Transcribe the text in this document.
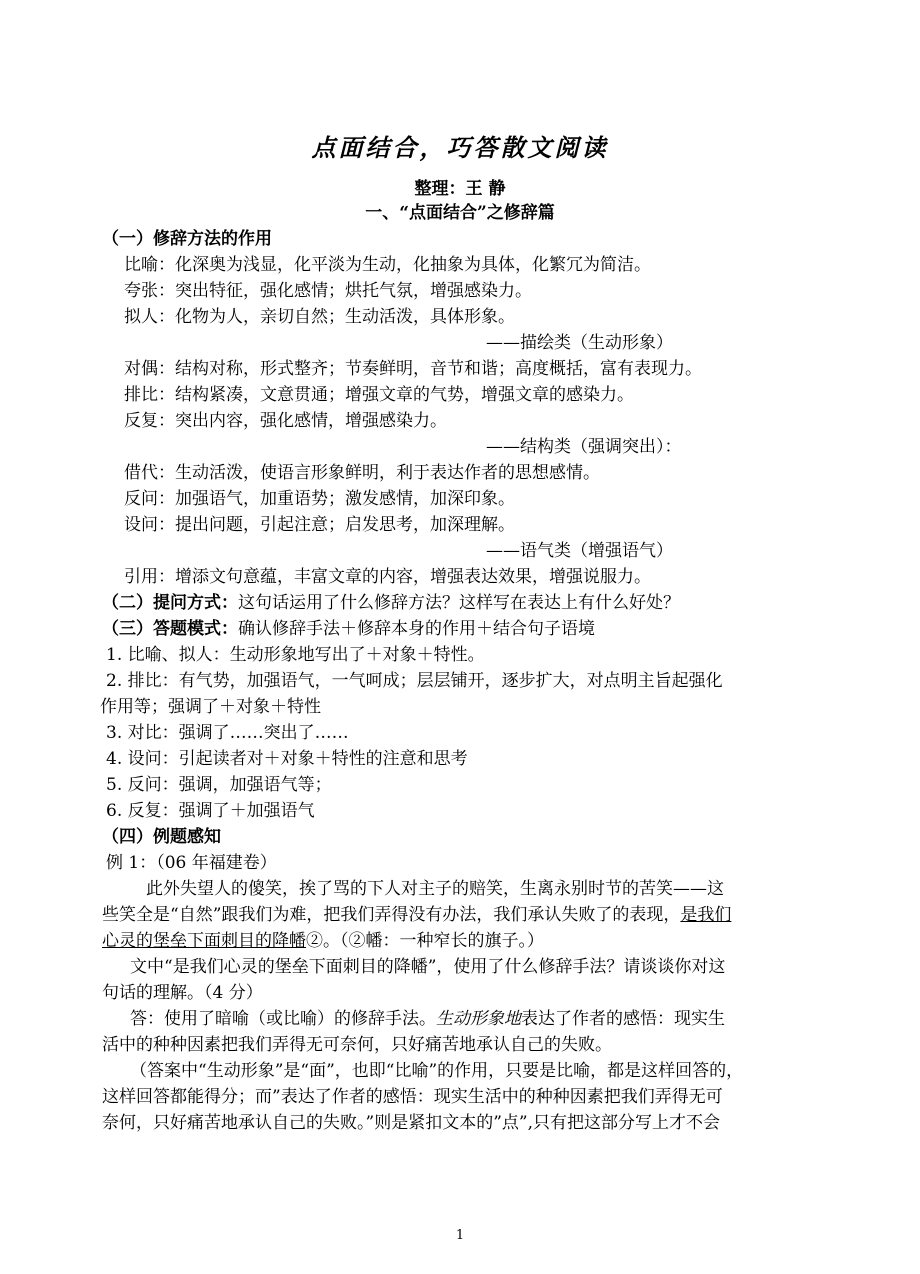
点面结合，巧答散文阅读
整理：王 静
一、“点面结合”之修辞篇
（一）修辞方法的作用
比喻：化深奥为浅显，化平淡为生动，化抽象为具体，化繁冗为简洁。
夸张：突出特征，强化感情；烘托气氛，增强感染力。
拟人：化物为人，亲切自然；生动活泼，具体形象。
——描绘类（生动形象）
对偶：结构对称，形式整齐；节奏鲜明，音节和谐；高度概括，富有表现力。
排比：结构紧凑，文意贯通；增强文章的气势，增强文章的感染力。
反复：突出内容，强化感情，增强感染力。
——结构类（强调突出）：
借代：生动活泼，使语言形象鲜明，利于表达作者的思想感情。
反问：加强语气，加重语势；激发感情，加深印象。
设问：提出问题，引起注意；启发思考，加深理解。
——语气类（增强语气）
引用：增添文句意蕴，丰富文章的内容，增强表达效果，增强说服力。
（二）提问方式：这句话运用了什么修辞方法？这样写在表达上有什么好处？
（三）答题模式：确认修辞手法＋修辞本身的作用＋结合句子语境
1. 比喻、拟人：生动形象地写出了＋对象＋特性。
2. 排比：有气势，加强语气，一气呵成；层层铺开，逐步扩大，对点明主旨起强化
作用等；强调了＋对象＋特性
3. 对比：强调了……突出了……
4. 设问：引起读者对＋对象＋特性的注意和思考
5. 反问：强调，加强语气等；
6. 反复：强调了＋加强语气
（四）例题感知
例 1：（06 年福建卷）
此外失望人的傻笑，挨了骂的下人对主子的赔笑，生离永别时节的苦笑——这
些笑全是“自然”跟我们为难，把我们弄得没有办法，我们承认失败了的表现，是我们
心灵的堡垒下面刺目的降幡②。（②幡：一种窄长的旗子。）
文中“是我们心灵的堡垒下面刺目的降幡”，使用了什么修辞手法？请谈谈你对这
句话的理解。（4 分）
答：使用了暗喻（或比喻）的修辞手法。生动形象地表达了作者的感悟：现实生
活中的种种因素把我们弄得无可奈何，只好痛苦地承认自己的失败。
（答案中“生动形象”是“面”，也即“比喻”的作用，只要是比喻，都是这样回答的，
这样回答都能得分；而”表达了作者的感悟：现实生活中的种种因素把我们弄得无可
奈何，只好痛苦地承认自己的失败。”则是紧扣文本的”点”,只有把这部分写上才不会
1
